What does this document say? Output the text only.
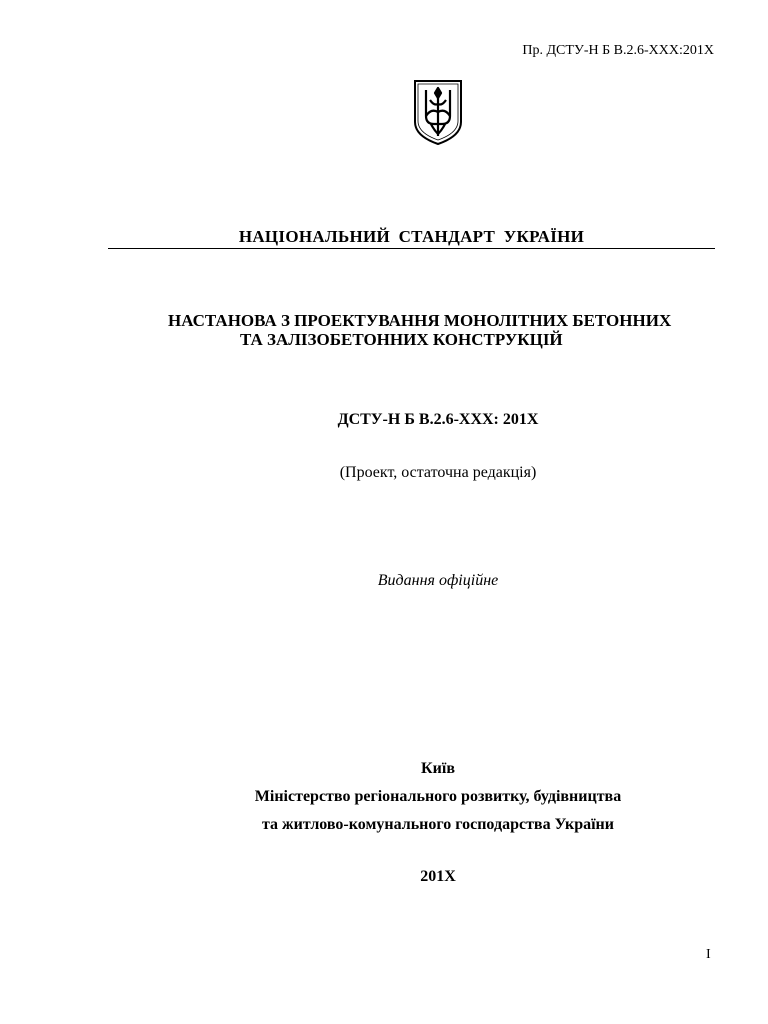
Пр. ДСТУ-Н Б В.2.6-XXX:201X
НАЦІОНАЛЬНИЙ СТАНДАРТ УКРАЇНИ
НАСТАНОВА З ПРОЕКТУВАННЯ МОНОЛІТНИХ БЕТОННИХ
ТА ЗАЛІЗОБЕТОННИХ КОНСТРУКЦІЙ
ДСТУ-Н Б В.2.6-XXX: 201X
(Проект, остаточна редакція)
Видання офіційне
Київ
Міністерство регіонального розвитку, будівництва
та житлово-комунального господарства України
201X
I
